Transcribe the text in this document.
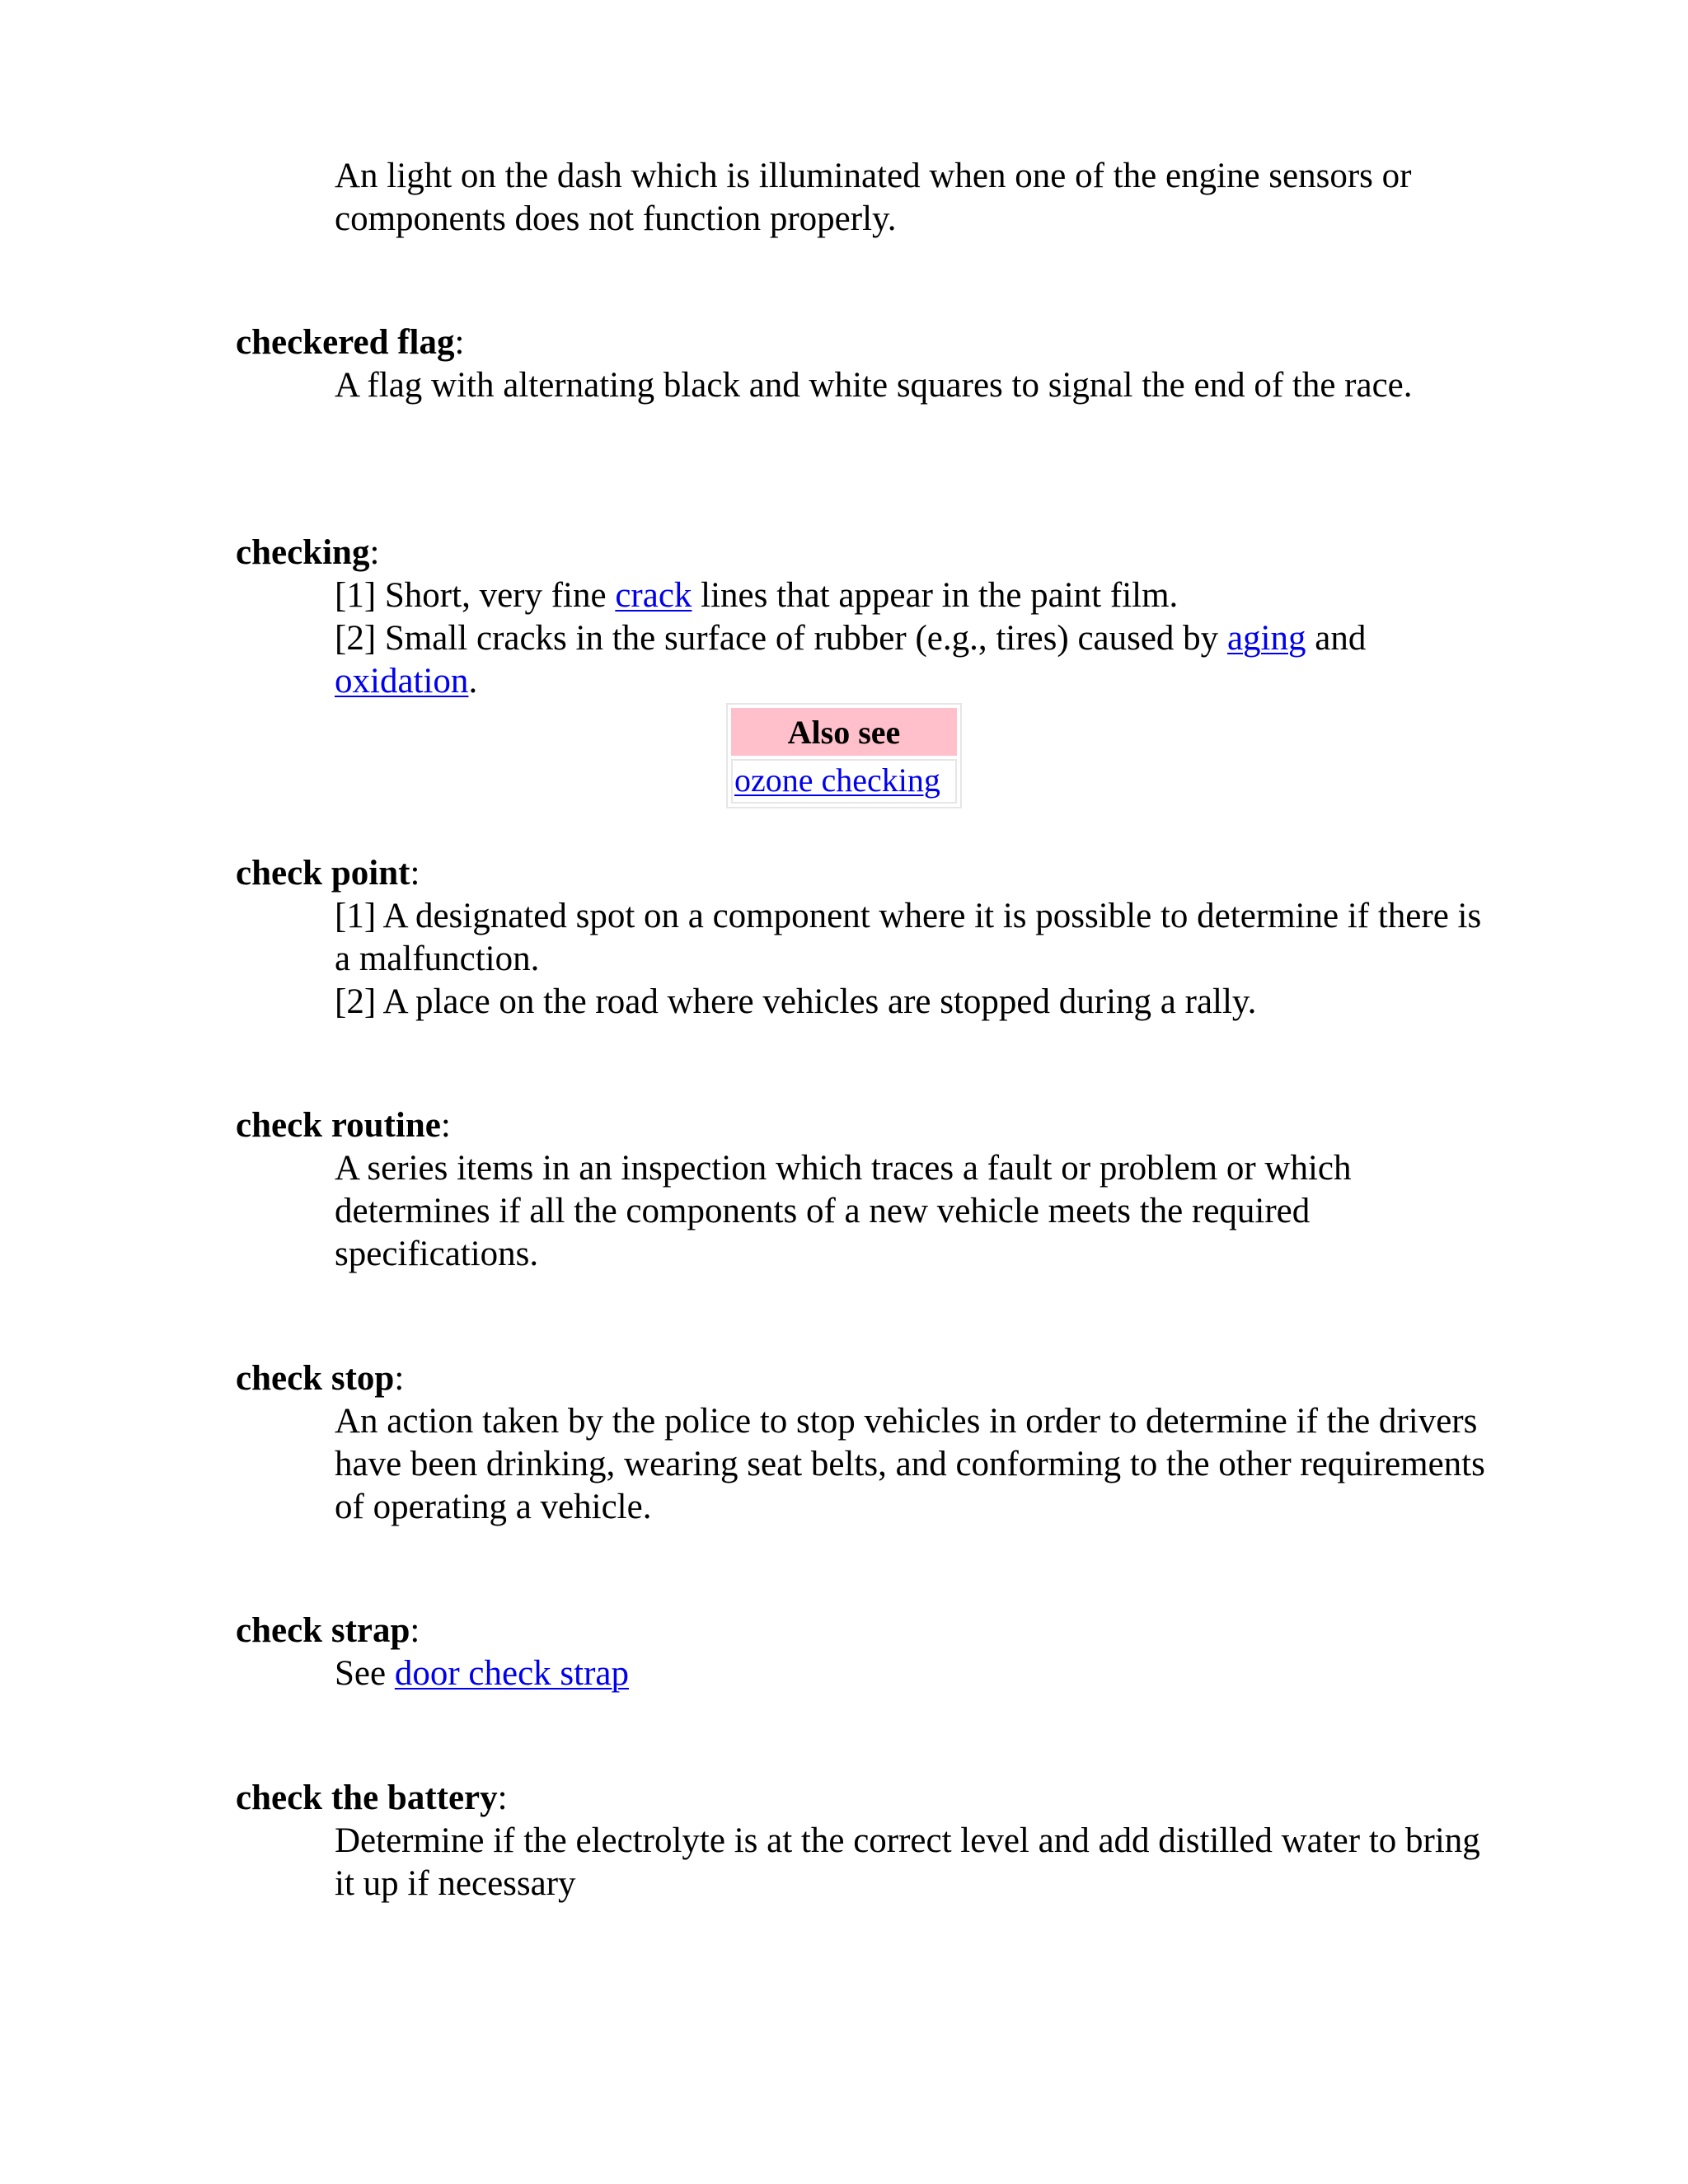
An light on the dash which is illuminated when one of the engine sensors or components does not function properly.
checkered flag:
A flag with alternating black and white squares to signal the end of the race.
checking:
[1] Short, very fine crack lines that appear in the paint film.
[2] Small cracks in the surface of rubber (e.g., tires) caused by aging and oxidation.
Also see
ozone checking
check point:
[1] A designated spot on a component where it is possible to determine if there is a malfunction.
[2] A place on the road where vehicles are stopped during a rally.
check routine:
A series items in an inspection which traces a fault or problem or which determines if all the components of a new vehicle meets the required specifications.
check stop:
An action taken by the police to stop vehicles in order to determine if the drivers have been drinking, wearing seat belts, and conforming to the other requirements of operating a vehicle.
check strap:
See door check strap
check the battery:
Determine if the electrolyte is at the correct level and add distilled water to bring it up if necessary
